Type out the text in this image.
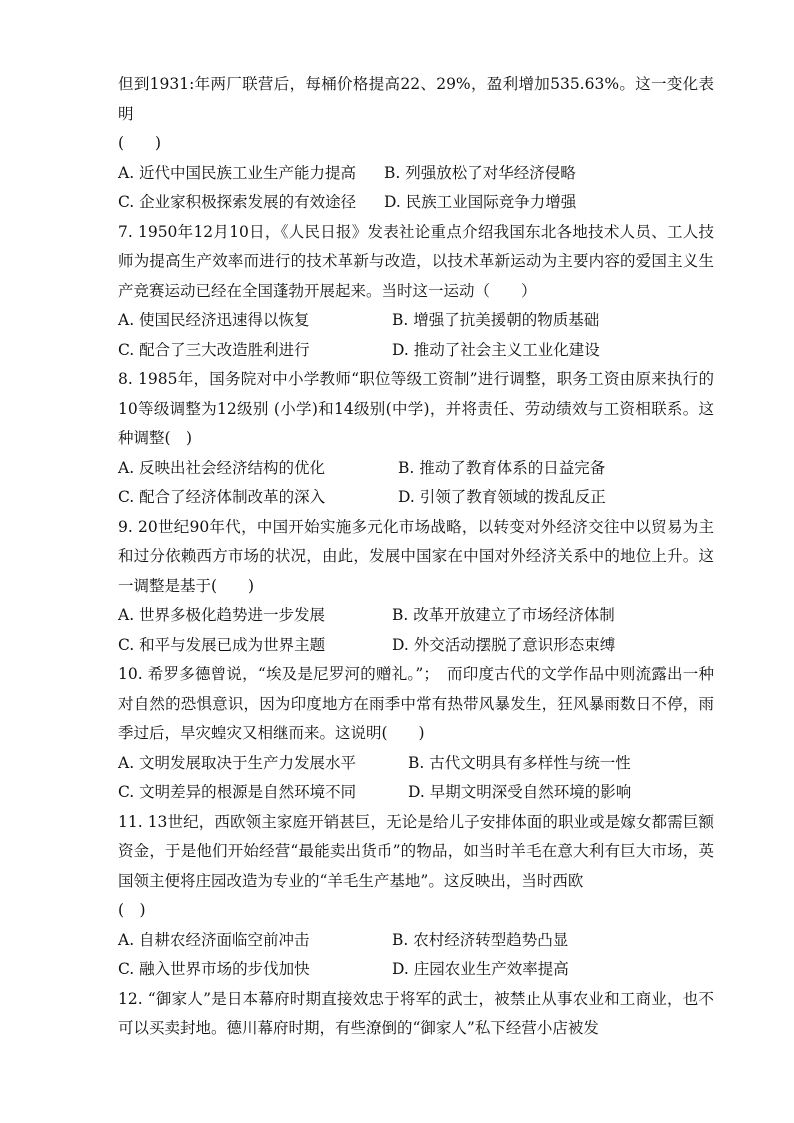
但到1931:年两厂联营后，每桶价格提高22、29%，盈利增加535.63%。这一变化表明

(　　)

A. 近代中国民族工业生产能力提高	B. 列强放松了对华经济侵略
C. 企业家积极探索发展的有效途径	D. 民族工业国际竞争力增强

7. 1950年12月10日，《人民日报》发表社论重点介绍我国东北各地技术人员、工人技师为提高生产效率而进行的技术革新与改造，以技术革新运动为主要内容的爱国主义生产竞赛运动已经在全国蓬勃开展起来。当时这一运动（　　）

A. 使国民经济迅速得以恢复	B. 增强了抗美援朝的物质基础
C. 配合了三大改造胜利进行	D. 推动了社会主义工业化建设

8. 1985年，国务院对中小学教师“职位等级工资制”进行调整，职务工资由原来执行的10等级调整为12级别 (小学)和14级别(中学)，并将责任、劳动绩效与工资相联系。这种调整(　)

A. 反映出社会经济结构的优化	B. 推动了教育体系的日益完备
C. 配合了经济体制改革的深入	D. 引领了教育领域的拨乱反正

9. 20世纪90年代，中国开始实施多元化市场战略，以转变对外经济交往中以贸易为主和过分依赖西方市场的状况，由此，发展中国家在中国对外经济关系中的地位上升。这一调整是基于(　　)

A. 世界多极化趋势进一步发展	B. 改革开放建立了市场经济体制
C. 和平与发展已成为世界主题	D. 外交活动摆脱了意识形态束缚

10. 希罗多德曾说，“埃及是尼罗河的赠礼。”；　而印度古代的文学作品中则流露出一种对自然的恐惧意识，因为印度地方在雨季中常有热带风暴发生，狂风暴雨数日不停，雨季过后，旱灾蝗灾又相继而来。这说明(　　)

A. 文明发展取决于生产力发展水平	B. 古代文明具有多样性与统一性
C. 文明差异的根源是自然环境不同	D. 早期文明深受自然环境的影响

11. 13世纪，西欧领主家庭开销甚巨，无论是给儿子安排体面的职业或是嫁女都需巨额资金，于是他们开始经营“最能卖出货币”的物品，如当时羊毛在意大利有巨大市场，英国领主便将庄园改造为专业的“羊毛生产基地”。这反映出，当时西欧

(　)

A. 自耕农经济面临空前冲击	B. 农村经济转型趋势凸显
C. 融入世界市场的步伐加快	D. 庄园农业生产效率提高

12. “御家人”是日本幕府时期直接效忠于将军的武士，被禁止从事农业和工商业，也不可以买卖封地。德川幕府时期，有些潦倒的“御家人”私下经营小店被发
